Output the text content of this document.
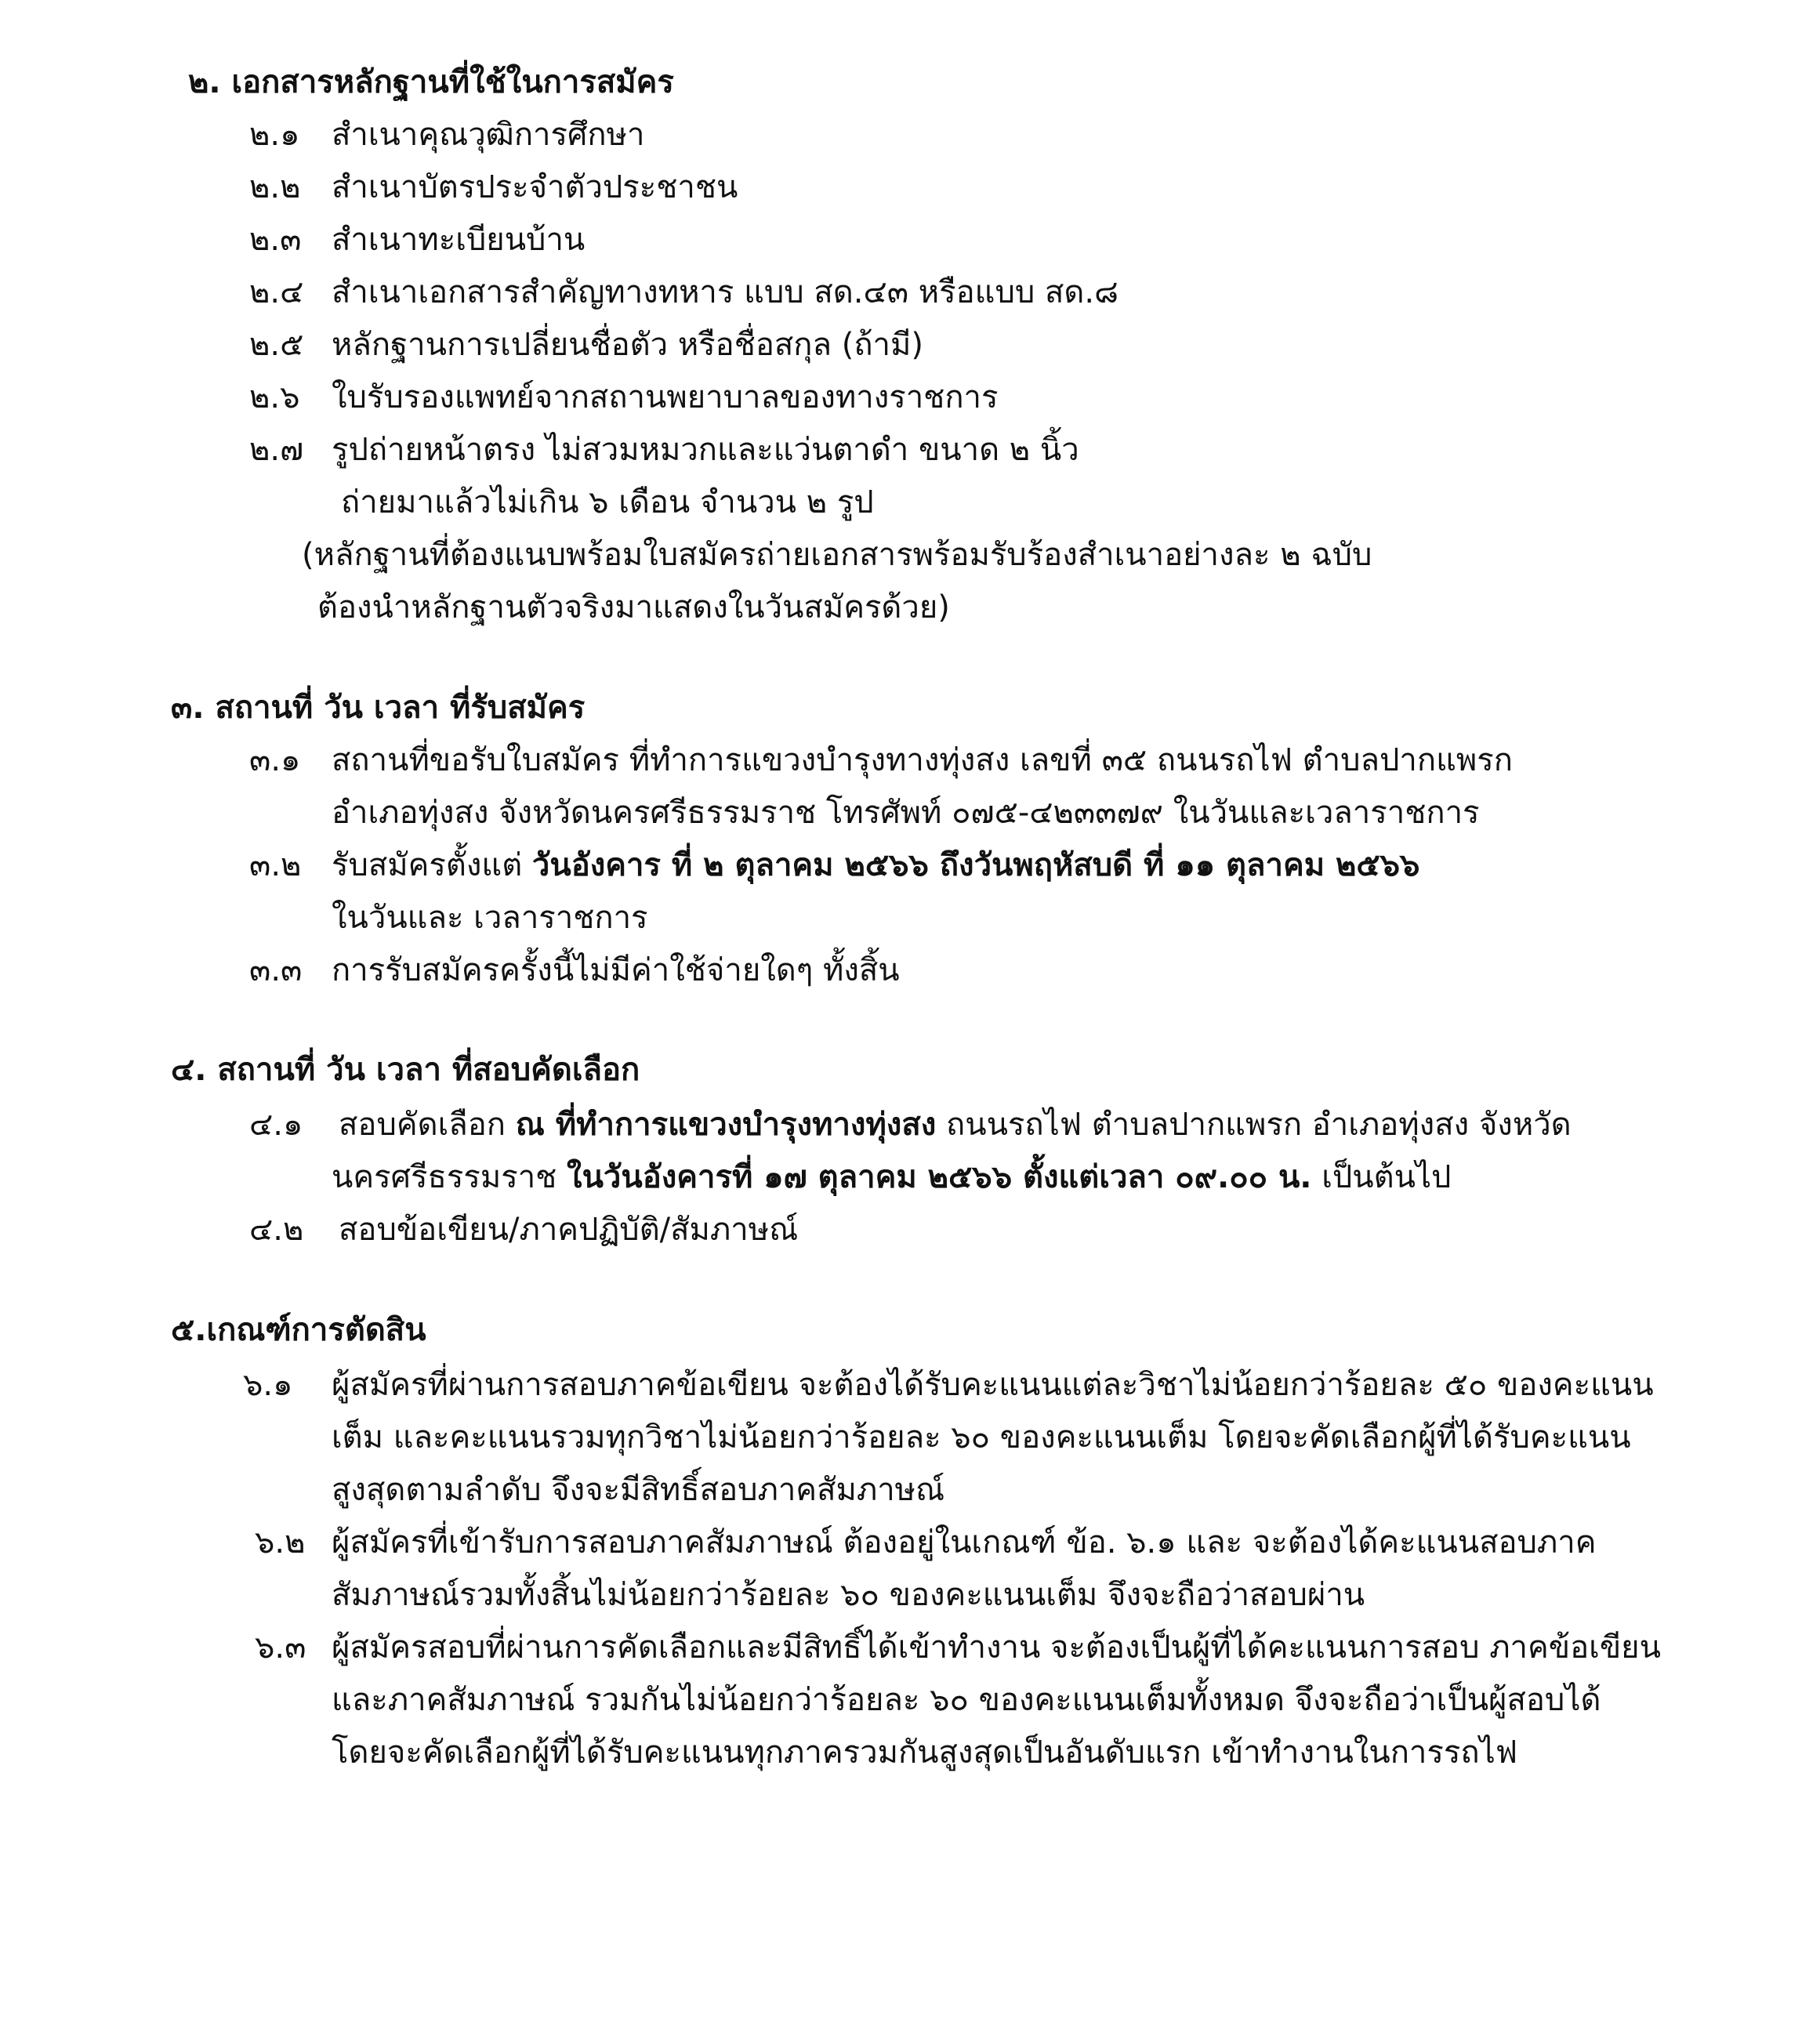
๒. เอกสารหลักฐานที่ใช้ในการสมัคร
๒.๑ สำเนาคุณวุฒิการศึกษา
๒.๒ สำเนาบัตรประจำตัวประชาชน
๒.๓ สำเนาทะเบียนบ้าน
๒.๔ สำเนาเอกสารสำคัญทางทหาร แบบ สด.๔๓ หรือแบบ สด.๘
๒.๕ หลักฐานการเปลี่ยนชื่อตัว หรือชื่อสกุล (ถ้ามี)
๒.๖ ใบรับรองแพทย์จากสถานพยาบาลของทางราชการ
๒.๗ รูปถ่ายหน้าตรง ไม่สวมหมวกและแว่นตาดำ ขนาด ๒ นิ้ว
ถ่ายมาแล้วไม่เกิน ๖ เดือน จำนวน ๒ รูป
(หลักฐานที่ต้องแนบพร้อมใบสมัครถ่ายเอกสารพร้อมรับร้องสำเนาอย่างละ ๒ ฉบับ
ต้องนำหลักฐานตัวจริงมาแสดงในวันสมัครด้วย)
๓. สถานที่ วัน เวลา ที่รับสมัคร
๓.๑ สถานที่ขอรับใบสมัคร ที่ทำการแขวงบำรุงทางทุ่งสง เลขที่ ๓๕ ถนนรถไฟ ตำบลปากแพรก
อำเภอทุ่งสง จังหวัดนครศรีธรรมราช โทรศัพท์ ๐๗๕-๔๒๓๓๗๙ ในวันและเวลาราชการ
๓.๒ รับสมัครตั้งแต่ วันอังคาร ที่ ๒ ตุลาคม ๒๕๖๖ ถึงวันพฤหัสบดี ที่ ๑๑ ตุลาคม ๒๕๖๖
ในวันและ เวลาราชการ
๓.๓ การรับสมัครครั้งนี้ไม่มีค่าใช้จ่ายใดๆ ทั้งสิ้น
๔. สถานที่ วัน เวลา ที่สอบคัดเลือก
๔.๑ สอบคัดเลือก ณ ที่ทำการแขวงบำรุงทางทุ่งสง ถนนรถไฟ ตำบลปากแพรก อำเภอทุ่งสง จังหวัด
นครศรีธรรมราช ในวันอังคารที่ ๑๗ ตุลาคม ๒๕๖๖ ตั้งแต่เวลา ๐๙.๐๐ น. เป็นต้นไป
๔.๒ สอบข้อเขียน/ภาคปฏิบัติ/สัมภาษณ์
๕.เกณฑ์การตัดสิน
๖.๑ ผู้สมัครที่ผ่านการสอบภาคข้อเขียน จะต้องได้รับคะแนนแต่ละวิชาไม่น้อยกว่าร้อยละ ๕๐ ของคะแนน
เต็ม และคะแนนรวมทุกวิชาไม่น้อยกว่าร้อยละ ๖๐ ของคะแนนเต็ม โดยจะคัดเลือกผู้ที่ได้รับคะแนน
สูงสุดตามลำดับ จึงจะมีสิทธิ์สอบภาคสัมภาษณ์
๖.๒ ผู้สมัครที่เข้ารับการสอบภาคสัมภาษณ์ ต้องอยู่ในเกณฑ์ ข้อ. ๖.๑ และ จะต้องได้คะแนนสอบภาค
สัมภาษณ์รวมทั้งสิ้นไม่น้อยกว่าร้อยละ ๖๐ ของคะแนนเต็ม จึงจะถือว่าสอบผ่าน
๖.๓ ผู้สมัครสอบที่ผ่านการคัดเลือกและมีสิทธิ์ได้เข้าทำงาน จะต้องเป็นผู้ที่ได้คะแนนการสอบ ภาคข้อเขียน
และภาคสัมภาษณ์ รวมกันไม่น้อยกว่าร้อยละ ๖๐ ของคะแนนเต็มทั้งหมด จึงจะถือว่าเป็นผู้สอบได้
โดยจะคัดเลือกผู้ที่ได้รับคะแนนทุกภาครวมกันสูงสุดเป็นอันดับแรก เข้าทำงานในการรถไฟ
